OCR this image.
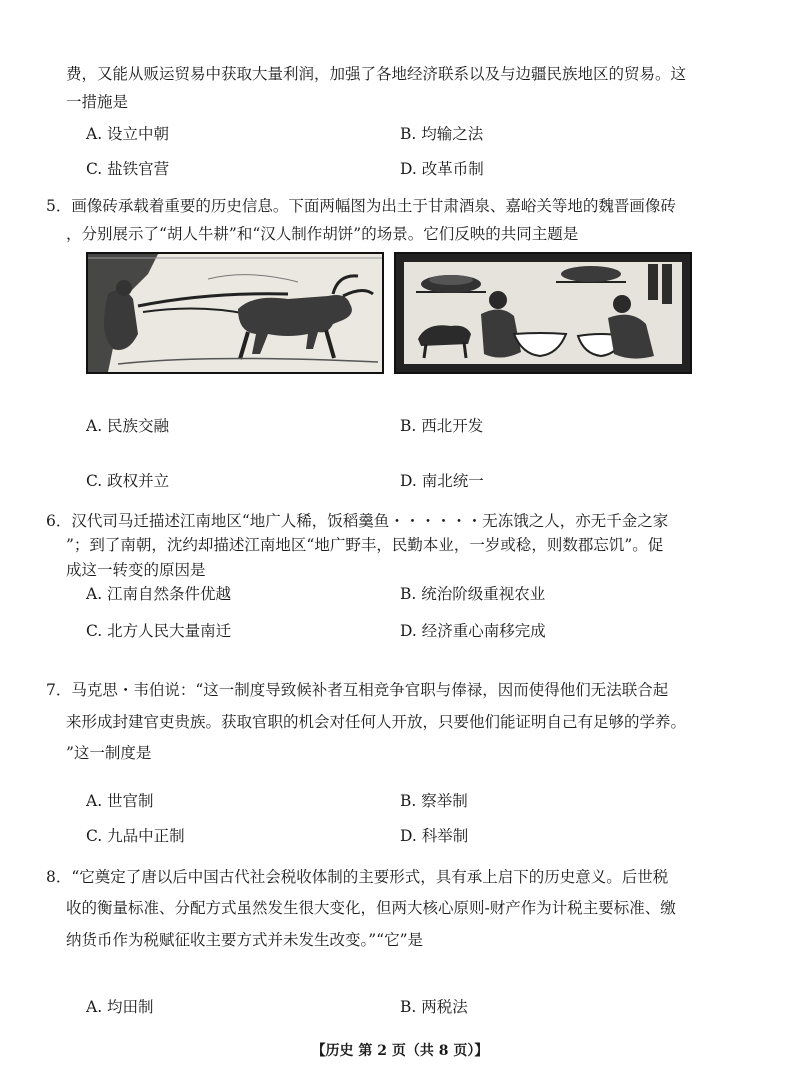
费，又能从贩运贸易中获取大量利润，加强了各地经济联系以及与边疆民族地区的贸易。这
一措施是
A. 设立中朝	B. 均输之法
C. 盐铁官营	D. 改革币制
5．画像砖承载着重要的历史信息。下面两幅图为出土于甘肃酒泉、嘉峪关等地的魏晋画像砖
，分别展示了“胡人牛耕”和“汉人制作胡饼”的场景。它们反映的共同主题是
A. 民族交融	B. 西北开发
C. 政权并立	D. 南北统一
6．汉代司马迁描述江南地区“地广人稀，饭稻羹鱼・・・・・・无冻饿之人，亦无千金之家
”；到了南朝，沈约却描述江南地区“地广野丰，民勤本业，一岁或稔，则数郡忘饥”。促
成这一转变的原因是
A. 江南自然条件优越	B. 统治阶级重视农业
C. 北方人民大量南迁	D. 经济重心南移完成
7．马克思・韦伯说：“这一制度导致候补者互相竞争官职与俸禄，因而使得他们无法联合起
来形成封建官吏贵族。获取官职的机会对任何人开放，只要他们能证明自己有足够的学养。
”这一制度是
A. 世官制	B. 察举制
C. 九品中正制	D. 科举制
8．“它奠定了唐以后中国古代社会税收体制的主要形式，具有承上启下的历史意义。后世税
收的衡量标准、分配方式虽然发生很大变化，但两大核心原则-财产作为计税主要标准、缴
纳货币作为税赋征收主要方式并未发生改变。”“它”是
A. 均田制	B. 两税法
【历史 第 2 页（共 8 页）】
